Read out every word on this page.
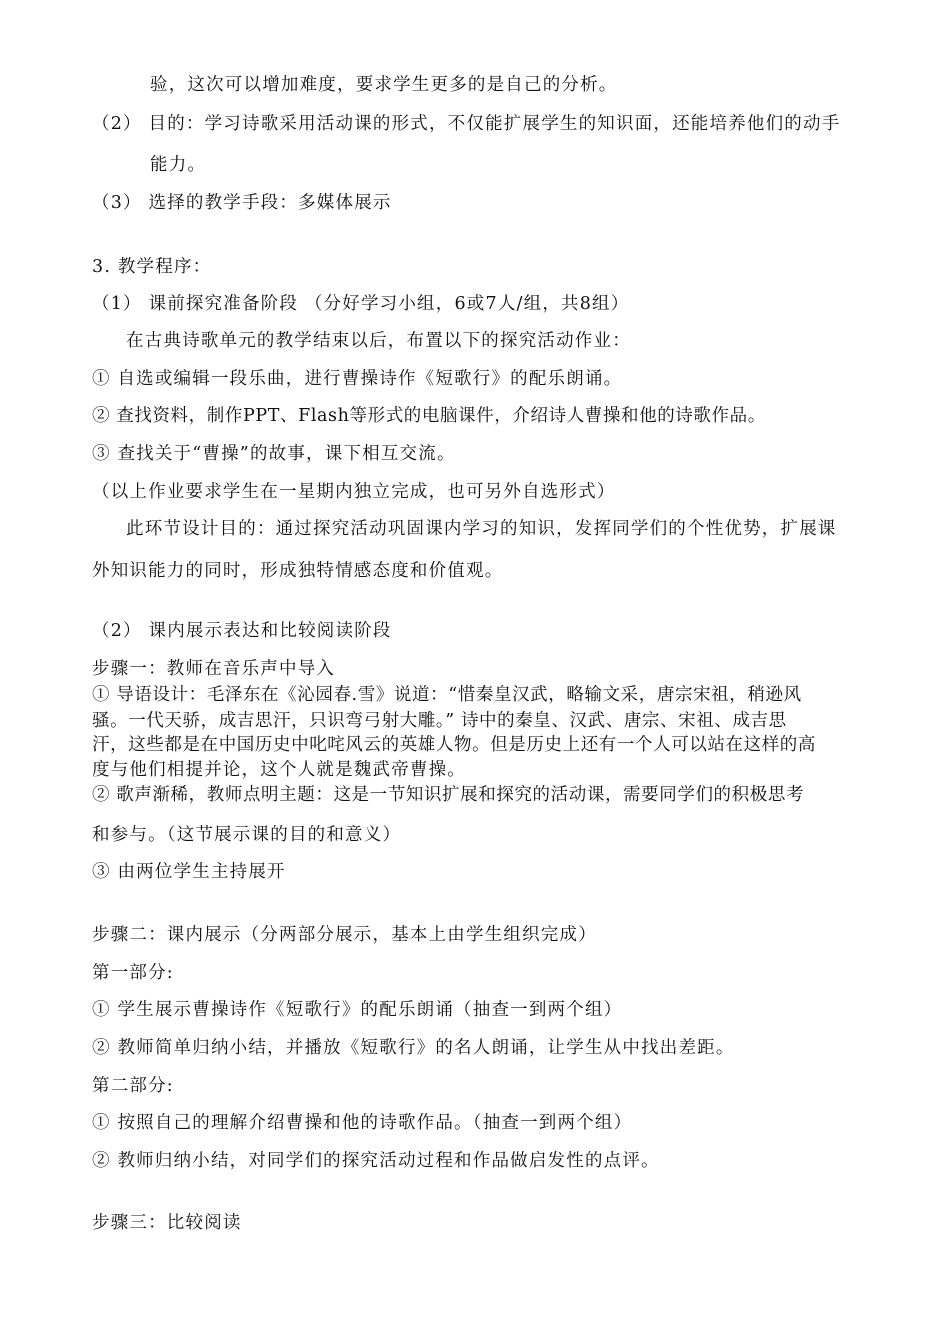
验，这次可以增加难度，要求学生更多的是自己的分析。
（2） 目的：学习诗歌采用活动课的形式，不仅能扩展学生的知识面，还能培养他们的动手
能力。
（3） 选择的教学手段：多媒体展示
3. 教学程序：
（1） 课前探究准备阶段 （分好学习小组，6或7人/组，共8组）
在古典诗歌单元的教学结束以后，布置以下的探究活动作业：
① 自选或编辑一段乐曲，进行曹操诗作《短歌行》的配乐朗诵。
② 查找资料，制作PPT、Flash等形式的电脑课件，介绍诗人曹操和他的诗歌作品。
③ 查找关于“曹操”的故事，课下相互交流。
（以上作业要求学生在一星期内独立完成，也可另外自选形式）
此环节设计目的：通过探究活动巩固课内学习的知识，发挥同学们的个性优势，扩展课
外知识能力的同时，形成独特情感态度和价值观。
（2） 课内展示表达和比较阅读阶段
步骤一：教师在音乐声中导入
① 导语设计：毛泽东在《沁园春.雪》说道：“惜秦皇汉武，略输文采，唐宗宋祖，稍逊风
骚。一代天骄，成吉思汗，只识弯弓射大雕。” 诗中的秦皇、汉武、唐宗、宋祖、成吉思
汗，这些都是在中国历史中叱咤风云的英雄人物。但是历史上还有一个人可以站在这样的高
度与他们相提并论，这个人就是魏武帝曹操。
② 歌声渐稀，教师点明主题：这是一节知识扩展和探究的活动课，需要同学们的积极思考
和参与。（这节展示课的目的和意义）
③ 由两位学生主持展开
步骤二：课内展示（分两部分展示，基本上由学生组织完成）
第一部分:
① 学生展示曹操诗作《短歌行》的配乐朗诵（抽查一到两个组）
② 教师简单归纳小结，并播放《短歌行》的名人朗诵，让学生从中找出差距。
第二部分:
① 按照自己的理解介绍曹操和他的诗歌作品。（抽查一到两个组）
② 教师归纳小结，对同学们的探究活动过程和作品做启发性的点评。
步骤三：比较阅读
